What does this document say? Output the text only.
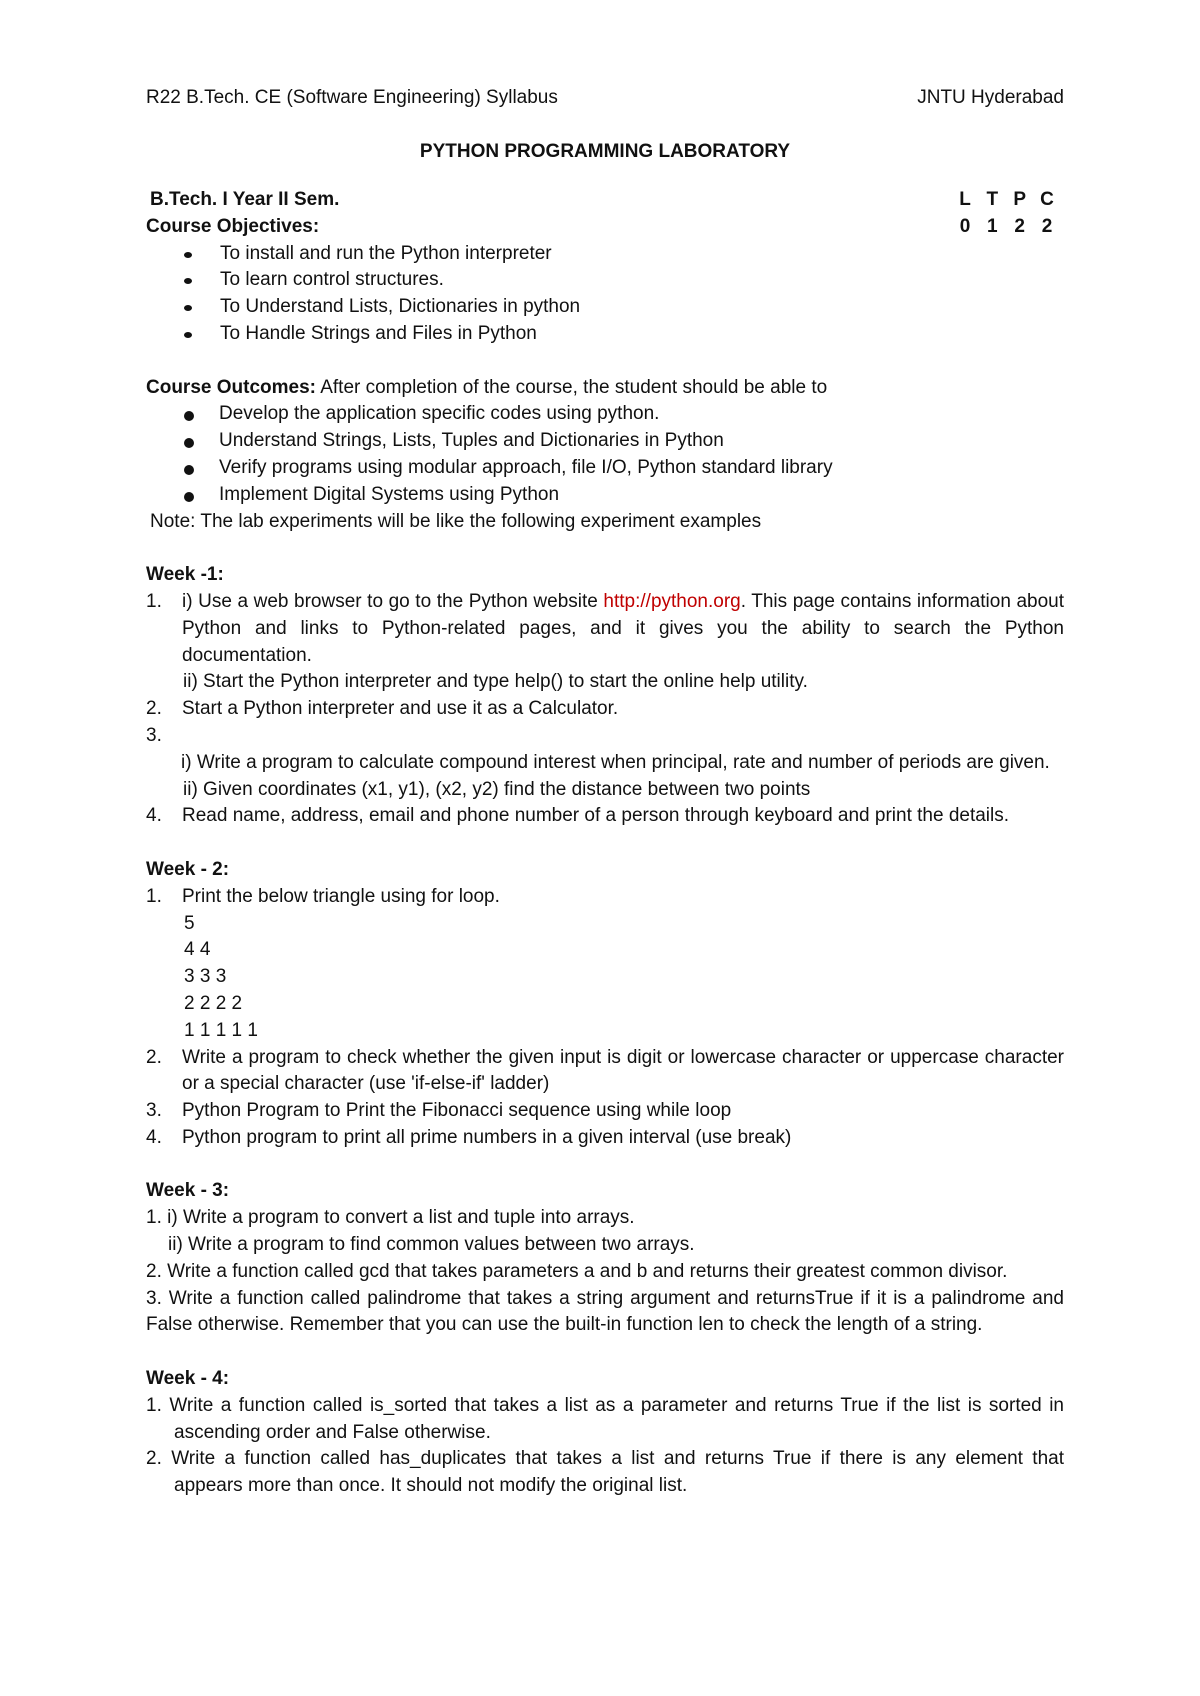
R22 B.Tech. CE (Software Engineering) Syllabus	JNTU Hyderabad
PYTHON PROGRAMMING LABORATORY
B.Tech. I Year II Sem.	L T P C
0 1 2 2
Course Objectives:
To install and run the Python interpreter
To learn control structures.
To Understand Lists, Dictionaries in python
To Handle Strings and Files in Python
Course Outcomes: After completion of the course, the student should be able to
Develop the application specific codes using python.
Understand Strings, Lists, Tuples and Dictionaries in Python
Verify programs using modular approach, file I/O, Python standard library
Implement Digital Systems using Python
Note: The lab experiments will be like the following experiment examples
Week -1:
1. i) Use a web browser to go to the Python website http://python.org. This page contains information about Python and links to Python-related pages, and it gives you the ability to search the Python documentation.
ii) Start the Python interpreter and type help() to start the online help utility.
2. Start a Python interpreter and use it as a Calculator.
3.

i) Write a program to calculate compound interest when principal, rate and number of periods are given.
ii) Given coordinates (x1, y1), (x2, y2) find the distance between two points
4. Read name, address, email and phone number of a person through keyboard and print the details.
Week - 2:
1. Print the below triangle using for loop.
5
4 4
3 3 3
2 2 2 2
1 1 1 1 1
2. Write a program to check whether the given input is digit or lowercase character or uppercase character or a special character (use 'if-else-if' ladder)
3. Python Program to Print the Fibonacci sequence using while loop
4. Python program to print all prime numbers in a given interval (use break)
Week - 3:
1. i) Write a program to convert a list and tuple into arrays.
ii) Write a program to find common values between two arrays.
2. Write a function called gcd that takes parameters a and b and returns their greatest common divisor.
3. Write a function called palindrome that takes a string argument and returnsTrue if it is a palindrome and False otherwise. Remember that you can use the built-in function len to check the length of a string.
Week - 4:
1. Write a function called is_sorted that takes a list as a parameter and returns True if the list is sorted in ascending order and False otherwise.
2. Write a function called has_duplicates that takes a list and returns True if there is any element that appears more than once. It should not modify the original list.
